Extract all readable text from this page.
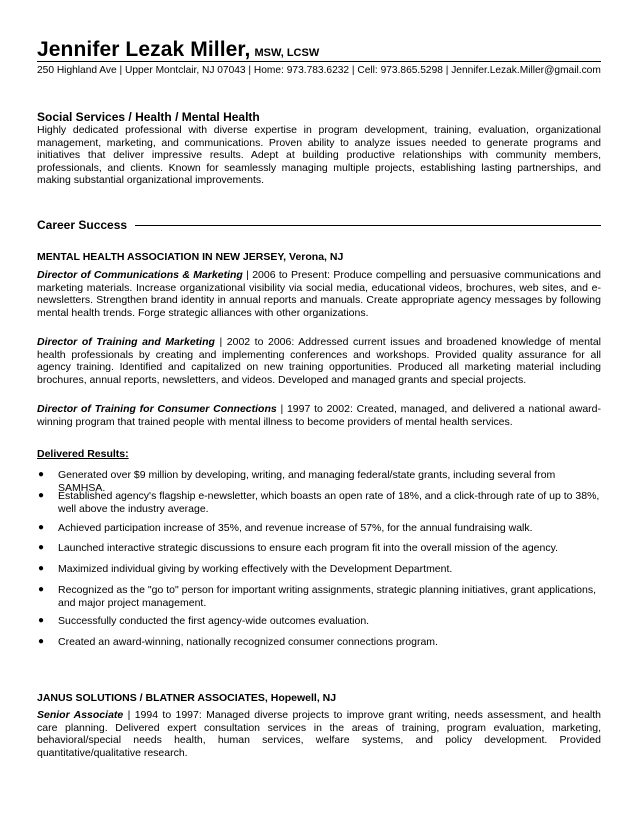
Jennifer Lezak Miller, MSW, LCSW
250 Highland Ave | Upper Montclair, NJ 07043 | Home: 973.783.6232 | Cell: 973.865.5298 | Jennifer.Lezak.Miller@gmail.com
Social Services / Health / Mental Health

Highly dedicated professional with diverse expertise in program development, training, evaluation, organizational management, marketing, and communications. Proven ability to analyze issues needed to generate programs and initiatives that deliver impressive results. Adept at building productive relationships with community members, professionals, and clients. Known for seamlessly managing multiple projects, establishing lasting partnerships, and making substantial organizational improvements.

Career Success
MENTAL HEALTH ASSOCIATION IN NEW JERSEY, Verona, NJ

Director of Communications & Marketing | 2006 to Present: Produce compelling and persuasive communications and marketing materials. Increase organizational visibility via social media, educational videos, brochures, web sites, and e-newsletters. Strengthen brand identity in annual reports and manuals. Create appropriate agency messages by following mental health trends. Forge strategic alliances with other organizations.

Director of Training and Marketing | 2002 to 2006: Addressed current issues and broadened knowledge of mental health professionals by creating and implementing conferences and workshops. Provided quality assurance for all agency training. Identified and capitalized on new training opportunities. Produced all marketing material including brochures, annual reports, newsletters, and videos. Developed and managed grants and special projects.

Director of Training for Consumer Connections | 1997 to 2002: Created, managed, and delivered a national award-winning program that trained people with mental illness to become providers of mental health services.

Delivered Results:
●	Generated over $9 million by developing, writing, and managing federal/state grants, including several from SAMHSA.
●	Established agency's flagship e-newsletter, which boasts an open rate of 18%, and a click-through rate of up to 38%, well above the industry average.
●	Achieved participation increase of 35%, and revenue increase of 57%, for the annual fundraising walk.
●	Launched interactive strategic discussions to ensure each program fit into the overall mission of the agency.
●	Maximized individual giving by working effectively with the Development Department.
●	Recognized as the "go to" person for important writing assignments, strategic planning initiatives, grant applications, and major project management.
●	Successfully conducted the first agency-wide outcomes evaluation.
●	Created an award-winning, nationally recognized consumer connections program.
JANUS SOLUTIONS / BLATNER ASSOCIATES, Hopewell, NJ

Senior Associate | 1994 to 1997: Managed diverse projects to improve grant writing, needs assessment, and health care planning. Delivered expert consultation services in the areas of training, program evaluation, marketing, behavioral/special needs health, human services, welfare systems, and policy development. Provided quantitative/qualitative research.
